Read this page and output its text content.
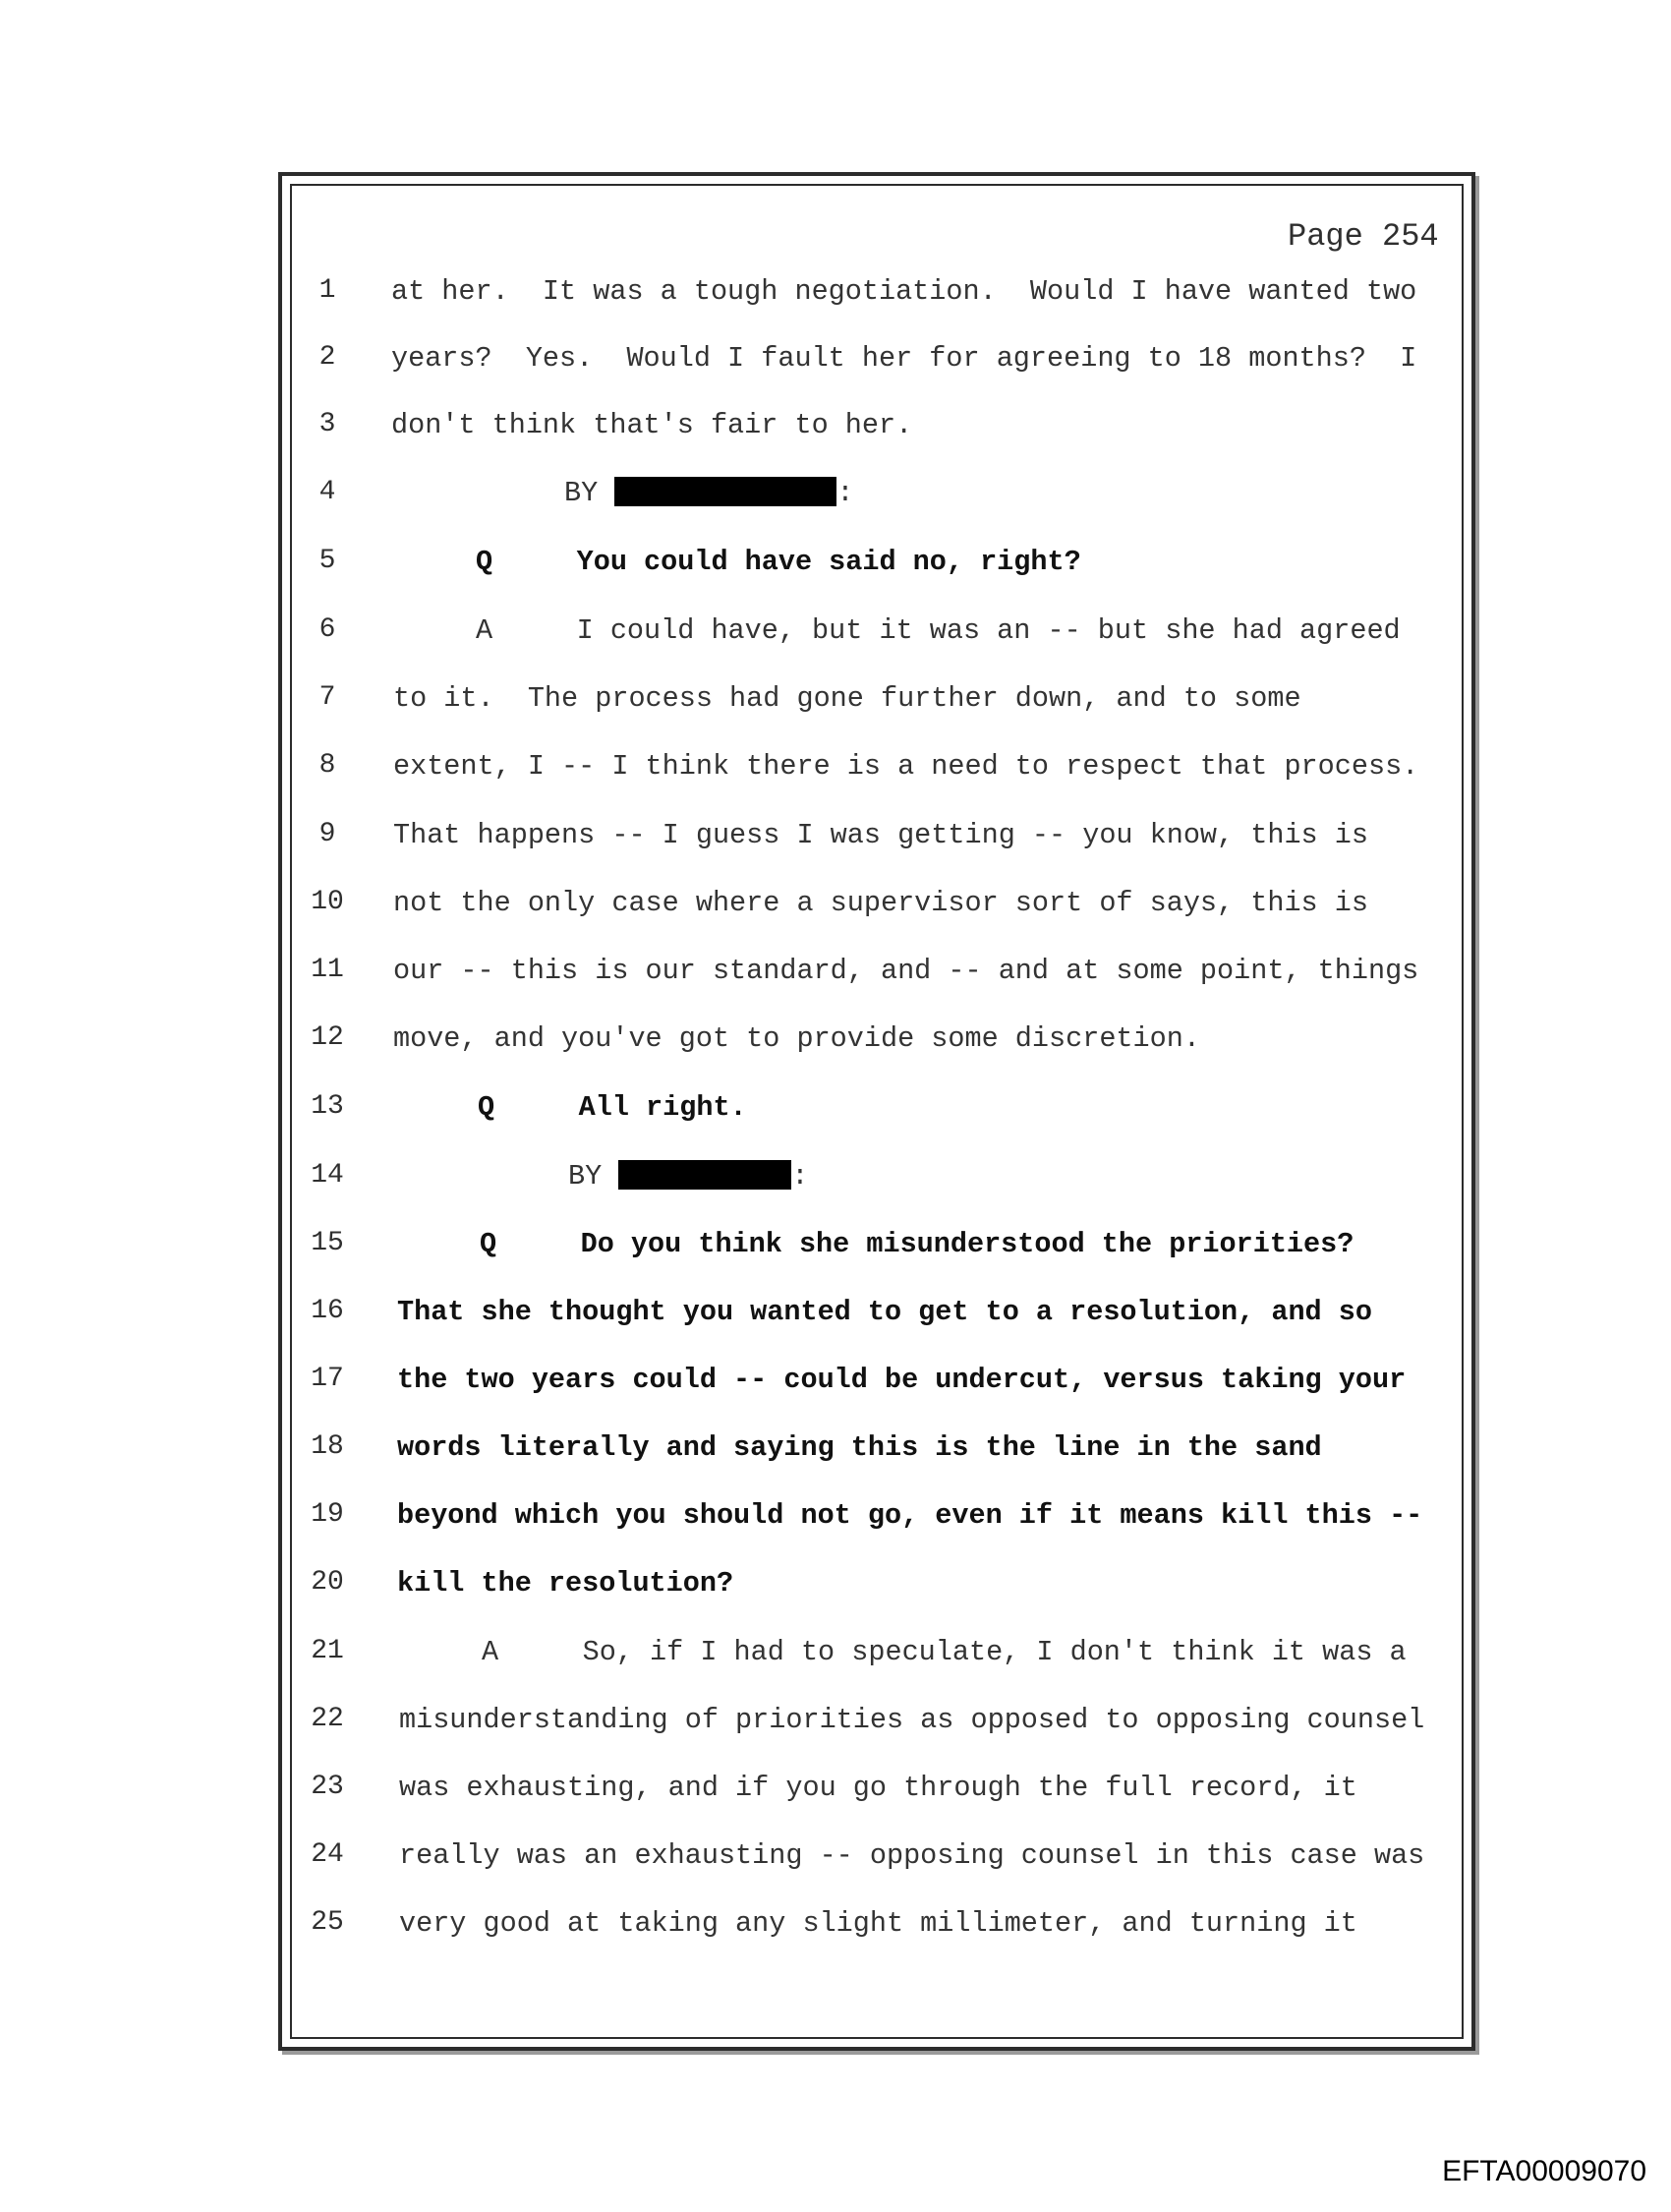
Page 254
1	at her.  It was a tough negotiation.  Would I have wanted two
2	years?  Yes.  Would I fault her for agreeing to 18 months?  I
3	don't think that's fair to her.
4	BY	:
5	Q     You could have said no, right?
6	A     I could have, but it was an -- but she had agreed
7	to it.  The process had gone further down, and to some
8	extent, I -- I think there is a need to respect that process.
9	That happens -- I guess I was getting -- you know, this is
10	not the only case where a supervisor sort of says, this is
11	our -- this is our standard, and -- and at some point, things
12	move, and you've got to provide some discretion.
13	Q     All right.
14	BY	:
15	Q     Do you think she misunderstood the priorities?
16	That she thought you wanted to get to a resolution, and so
17	the two years could -- could be undercut, versus taking your
18	words literally and saying this is the line in the sand
19	beyond which you should not go, even if it means kill this --
20	kill the resolution?
21	A     So, if I had to speculate, I don't think it was a
22	misunderstanding of priorities as opposed to opposing counsel
23	was exhausting, and if you go through the full record, it
24	really was an exhausting -- opposing counsel in this case was
25	very good at taking any slight millimeter, and turning it
EFTA00009070
